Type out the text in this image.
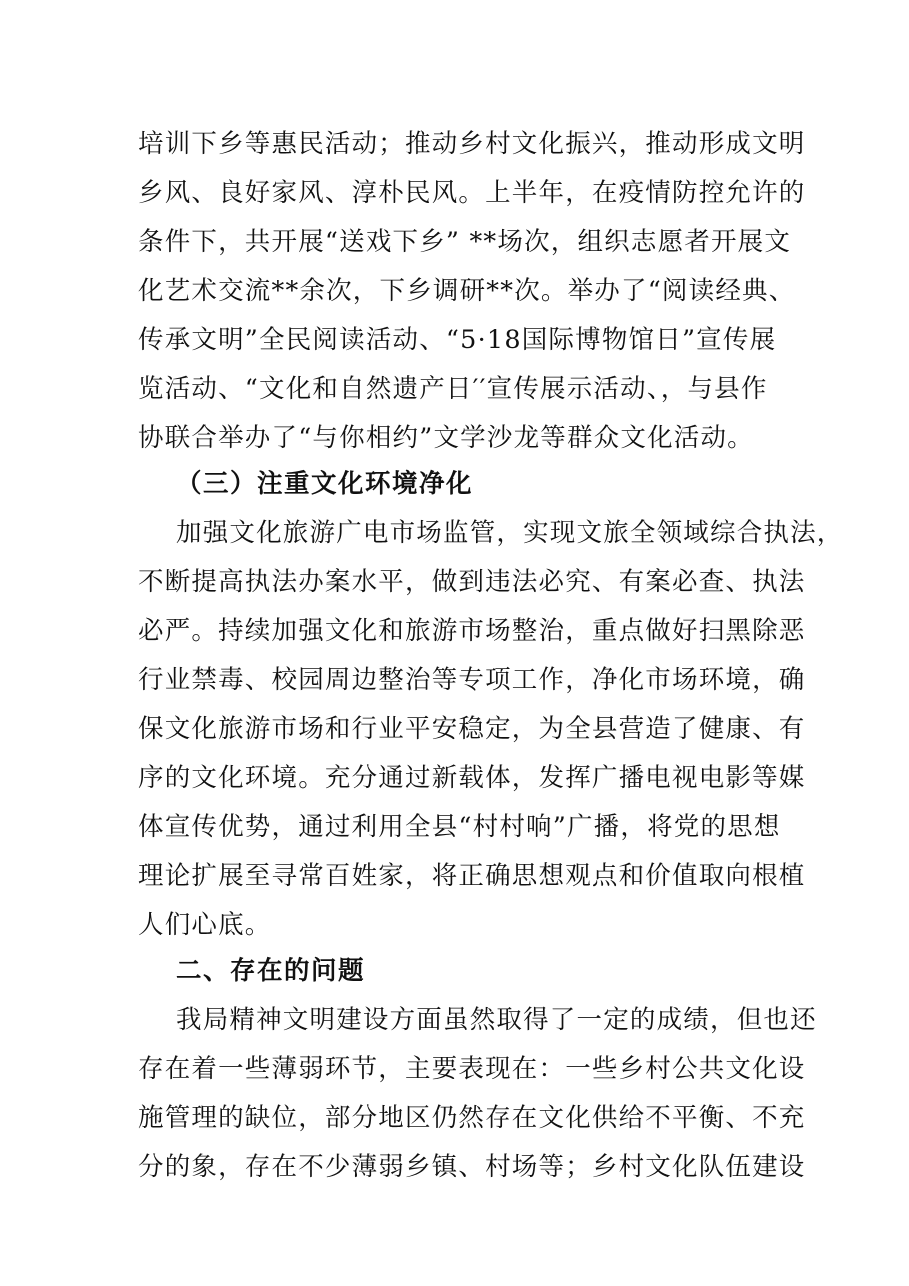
培训下乡等惠民活动；推动乡村文化振兴，推动形成文明
乡风、良好家风、淳朴民风。上半年，在疫情防控允许的
条件下，共开展“送戏下乡” **场次，组织志愿者开展文
化艺术交流**余次，下乡调研**次。举办了“阅读经典、
传承文明”全民阅读活动、“5·18国际博物馆日”宣传展
览活动、“文化和自然遗产日′′宣传展示活动、，与县作
协联合举办了“与你相约”文学沙龙等群众文化活动。
（三）注重文化环境净化
加强文化旅游广电市场监管，实现文旅全领域综合执法，
不断提高执法办案水平，做到违法必究、有案必查、执法
必严。持续加强文化和旅游市场整治，重点做好扫黑除恶
行业禁毒、校园周边整治等专项工作，净化市场环境，确
保文化旅游市场和行业平安稳定，为全县营造了健康、有
序的文化环境。充分通过新载体，发挥广播电视电影等媒
体宣传优势，通过利用全县“村村响”广播，将党的思想
理论扩展至寻常百姓家，将正确思想观点和价值取向根植
人们心底。
二、存在的问题
我局精神文明建设方面虽然取得了一定的成绩，但也还
存在着一些薄弱环节，主要表现在：一些乡村公共文化设
施管理的缺位，部分地区仍然存在文化供给不平衡、不充
分的象，存在不少薄弱乡镇、村场等；乡村文化队伍建设
